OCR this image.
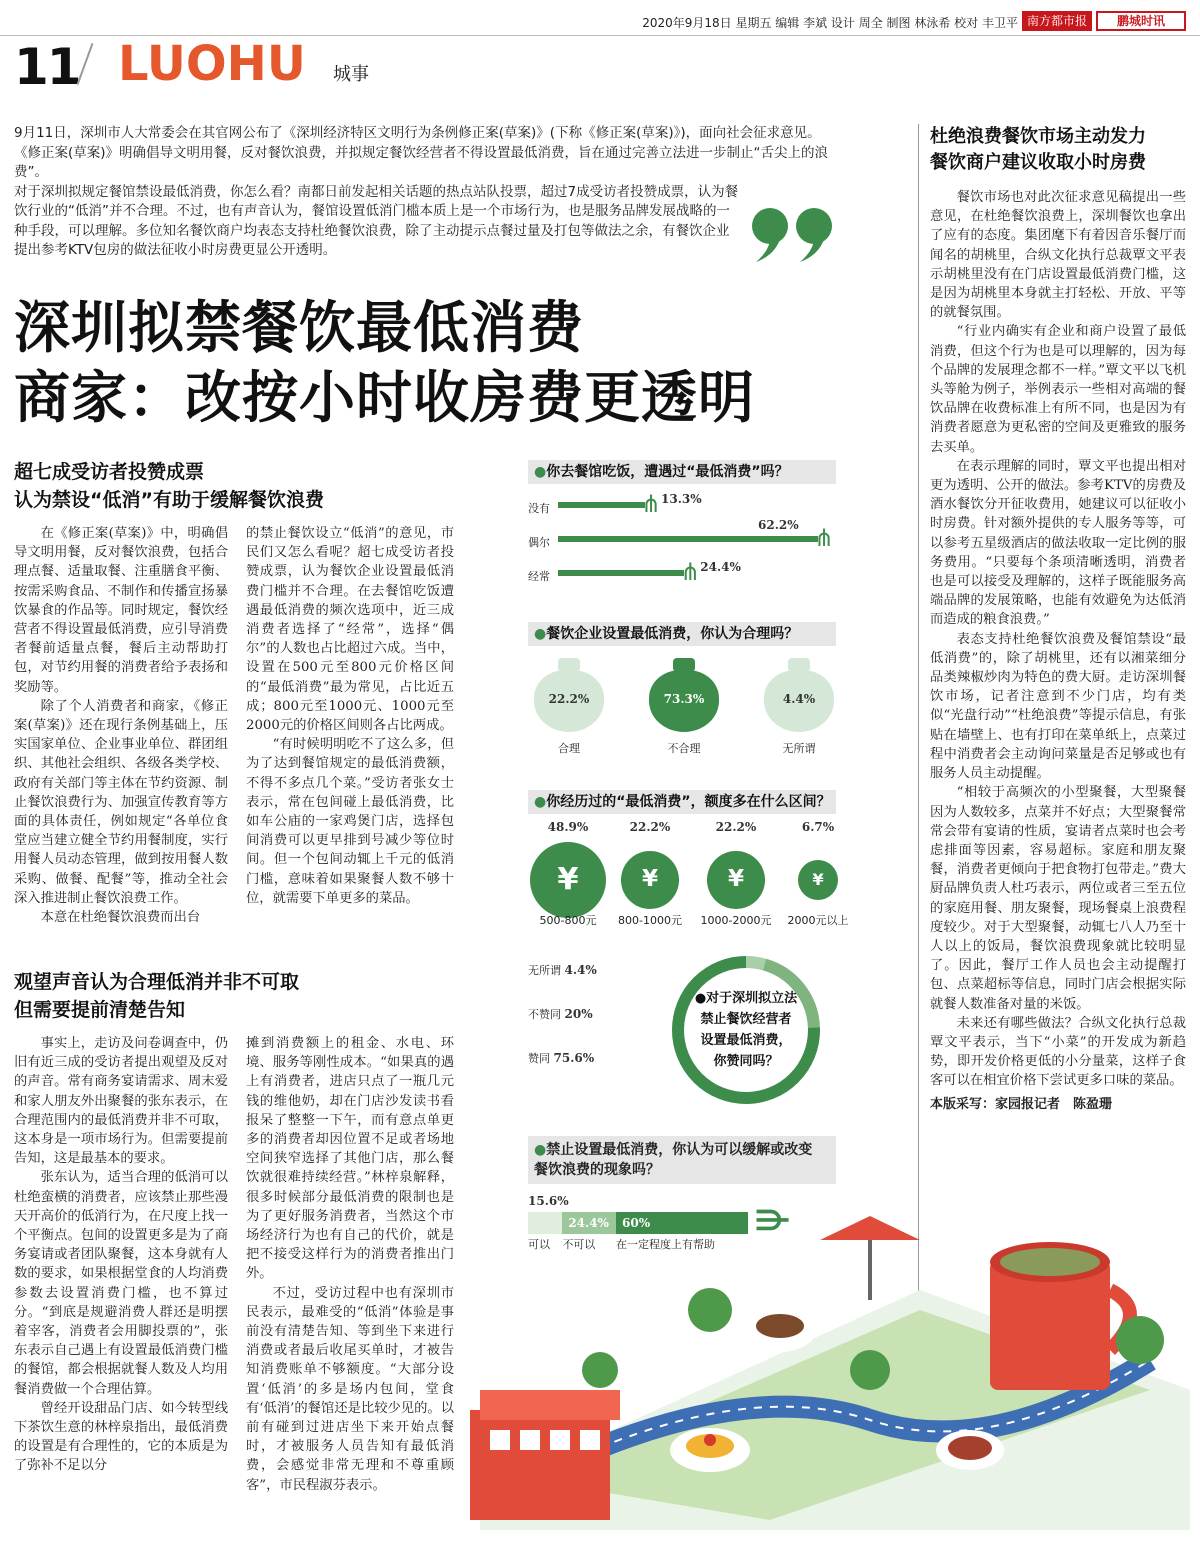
2020年9月18日 星期五 编辑 李斌 设计 周全 制图 林泳希 校对 丰卫平 南方都市报	鹏城时讯
11 LUOHU 城事

9月11日，深圳市人大常委会在其官网公布了《深圳经济特区文明行为条例修正案(草案)》(下称《修正案(草案)》)，面向社会征求意见。《修正案(草案)》明确倡导文明用餐，反对餐饮浪费，并拟规定餐饮经营者不得设置最低消费，旨在通过完善立法进一步制止“舌尖上的浪费”。

对于深圳拟规定餐馆禁设最低消费，你怎么看？南都日前发起相关话题的热点站队投票，超过7成受访者投赞成票，认为餐饮行业的“低消”并不合理。不过，也有声音认为，餐馆设置低消门槛本质上是一个市场行为，也是服务品牌发展战略的一种手段，可以理解。多位知名餐饮商户均表态支持杜绝餐饮浪费，除了主动提示点餐过量及打包等做法之余，有餐饮企业提出参考KTV包房的做法征收小时房费更显公开透明。

深圳拟禁餐饮最低消费
商家：改按小时收房费更透明
超七成受访者投赞成票
认为禁设“低消”有助于缓解餐饮浪费

在《修正案(草案)》中，明确倡导文明用餐，反对餐饮浪费，包括合理点餐、适量取餐、注重膳食平衡、按需采购食品、不制作和传播宣扬暴饮暴食的作品等。同时规定，餐饮经营者不得设置最低消费，应引导消费者餐前适量点餐，餐后主动帮助打包，对节约用餐的消费者给予表扬和奖励等。

除了个人消费者和商家，《修正案(草案)》还在现行条例基础上，压实国家单位、企业事业单位、群团组织、其他社会组织、各级各类学校、政府有关部门等主体在节约资源、制止餐饮浪费行为、加强宣传教育等方面的具体责任，例如规定“各单位食堂应当建立健全节约用餐制度，实行用餐人员动态管理，做到按用餐人数采购、做餐、配餐”等，推动全社会深入推进制止餐饮浪费工作。

本意在杜绝餐饮浪费而出台

的禁止餐饮设立“低消”的意见，市民们又怎么看呢？超七成受访者投赞成票，认为餐饮企业设置最低消费门槛并不合理。在去餐馆吃饭遭遇最低消费的频次选项中，近三成消费者选择了“经常”，选择“偶尔”的人数也占比超过六成。当中，设置在500元至800元价格区间的“最低消费”最为常见，占比近五成；800元至1000元、1000元至2000元的价格区间则各占比两成。

“有时候明明吃不了这么多，但为了达到餐馆规定的最低消费额，不得不多点几个菜。”受访者张女士表示，常在包间碰上最低消费，比如车公庙的一家鸡煲门店，选择包间消费可以更早排到号减少等位时间。但一个包间动辄上千元的低消门槛，意味着如果聚餐人数不够十位，就需要下单更多的菜品。

观望声音认为合理低消并非不可取
但需要提前清楚告知

事实上，走访及问卷调查中，仍旧有近三成的受访者提出观望及反对的声音。常有商务宴请需求、周末爱和家人朋友外出聚餐的张东表示，在合理范围内的最低消费并非不可取，这本身是一项市场行为。但需要提前告知，这是最基本的要求。

张东认为，适当合理的低消可以杜绝蛮横的消费者，应该禁止那些漫天开高价的低消行为，在尺度上找一个平衡点。包间的设置更多是为了商务宴请或者团队聚餐，这本身就有人数的要求，如果根据堂食的人均消费参数去设置消费门槛，也不算过分。“到底是规避消费人群还是明摆着宰客，消费者会用脚投票的”，张东表示自己遇上有设置最低消费门槛的餐馆，都会根据就餐人数及人均用餐消费做一个合理估算。

曾经开设甜品门店、如今转型线下茶饮生意的林梓泉指出，最低消费的设置是有合理性的，它的本质是为了弥补不足以分

摊到消费额上的租金、水电、环境、服务等刚性成本。“如果真的遇上有消费者，进店只点了一瓶几元钱的维他奶，却在门店沙发读书看报呆了整整一下午，而有意点单更多的消费者却因位置不足或者场地空间狭窄选择了其他门店，那么餐饮就很难持续经营。”林梓泉解释，很多时候部分最低消费的限制也是为了更好服务消费者，当然这个市场经济行为也有自己的代价，就是把不接受这样行为的消费者推出门外。

不过，受访过程中也有深圳市民表示，最难受的“低消”体验是事前没有清楚告知、等到坐下来进行消费或者最后收尾买单时，才被告知消费账单不够额度。“大部分设置‘低消’的多是场内包间，堂食有‘低消’的餐馆还是比较少见的。以前有碰到过进店坐下来开始点餐时，才被服务人员告知有最低消费，会感觉非常无理和不尊重顾客”，市民程淑芬表示。

杜绝浪费餐饮市场主动发力
餐饮商户建议收取小时房费

餐饮市场也对此次征求意见稿提出一些意见，在杜绝餐饮浪费上，深圳餐饮也拿出了应有的态度。集团麾下有着因音乐餐厅而闻名的胡桃里，合纵文化执行总裁覃文平表示胡桃里没有在门店设置最低消费门槛，这是因为胡桃里本身就主打轻松、开放、平等的就餐氛围。

“行业内确实有企业和商户设置了最低消费，但这个行为也是可以理解的，因为每个品牌的发展理念都不一样。”覃文平以飞机头等舱为例子，举例表示一些相对高端的餐饮品牌在收费标准上有所不同，也是因为有消费者愿意为更私密的空间及更雅致的服务去买单。

在表示理解的同时，覃文平也提出相对更为透明、公开的做法。参考KTV的房费及酒水餐饮分开征收费用，她建议可以征收小时房费。针对额外提供的专人服务等等，可以参考五星级酒店的做法收取一定比例的服务费用。“只要每个条项清晰透明，消费者也是可以接受及理解的，这样子既能服务高端品牌的发展策略，也能有效避免为达低消而造成的粮食浪费。”

表态支持杜绝餐饮浪费及餐馆禁设“最低消费”的，除了胡桃里，还有以湘菜细分品类辣椒炒肉为特色的费大厨。走访深圳餐饮市场，记者注意到不少门店，均有类似“光盘行动”“杜绝浪费”等提示信息，有张贴在墙壁上、也有打印在菜单纸上，点菜过程中消费者会主动询问菜量是否足够或也有服务人员主动提醒。

“相较于高频次的小型聚餐，大型聚餐因为人数较多，点菜并不好点；大型聚餐常常会带有宴请的性质，宴请者点菜时也会考虑排面等因素，容易超标。家庭和朋友聚餐，消费者更倾向于把食物打包带走。”费大厨品牌负责人杜巧表示，两位或者三至五位的家庭用餐、朋友聚餐，现场餐桌上浪费程度较少。对于大型聚餐，动辄七八人乃至十人以上的饭局，餐饮浪费现象就比较明显了。因此，餐厅工作人员也会主动提醒打包、点菜超标等信息，同时门店会根据实际就餐人数准备对量的米饭。

未来还有哪些做法？合纵文化执行总裁覃文平表示，当下“小菜”的开发成为新趋势，即开发价格更低的小分量菜，这样子食客可以在相宜价格下尝试更多口味的菜品。

本版采写：家园报记者　陈盈珊
●你去餐馆吃饭，遭遇过“最低消费”吗？
没有	⋔ 13.3%
偶尔	⋔
62.2%
经常	⋔ 24.4%
●餐饮企业设置最低消费，你认为合理吗？
22.2%
合理
73.3%
不合理
4.4%
无所谓
●你经历过的“最低消费”，额度多在什么区间？
48.9%
¥
500-800元
22.2%
¥
800-1000元
22.2%
¥
1000-2000元
6.7%
¥
2000元以上
无所谓 4.4%
不赞同 20%
赞同 75.6%
●对于深圳拟立法
禁止餐饮经营者
设置最低消费，
你赞同吗？
●禁止设置最低消费，你认为可以缓解或改变
餐饮浪费的现象吗？
15.6%
可以
24.4%
不可以
60%
在一定程度上有帮助
⋔
